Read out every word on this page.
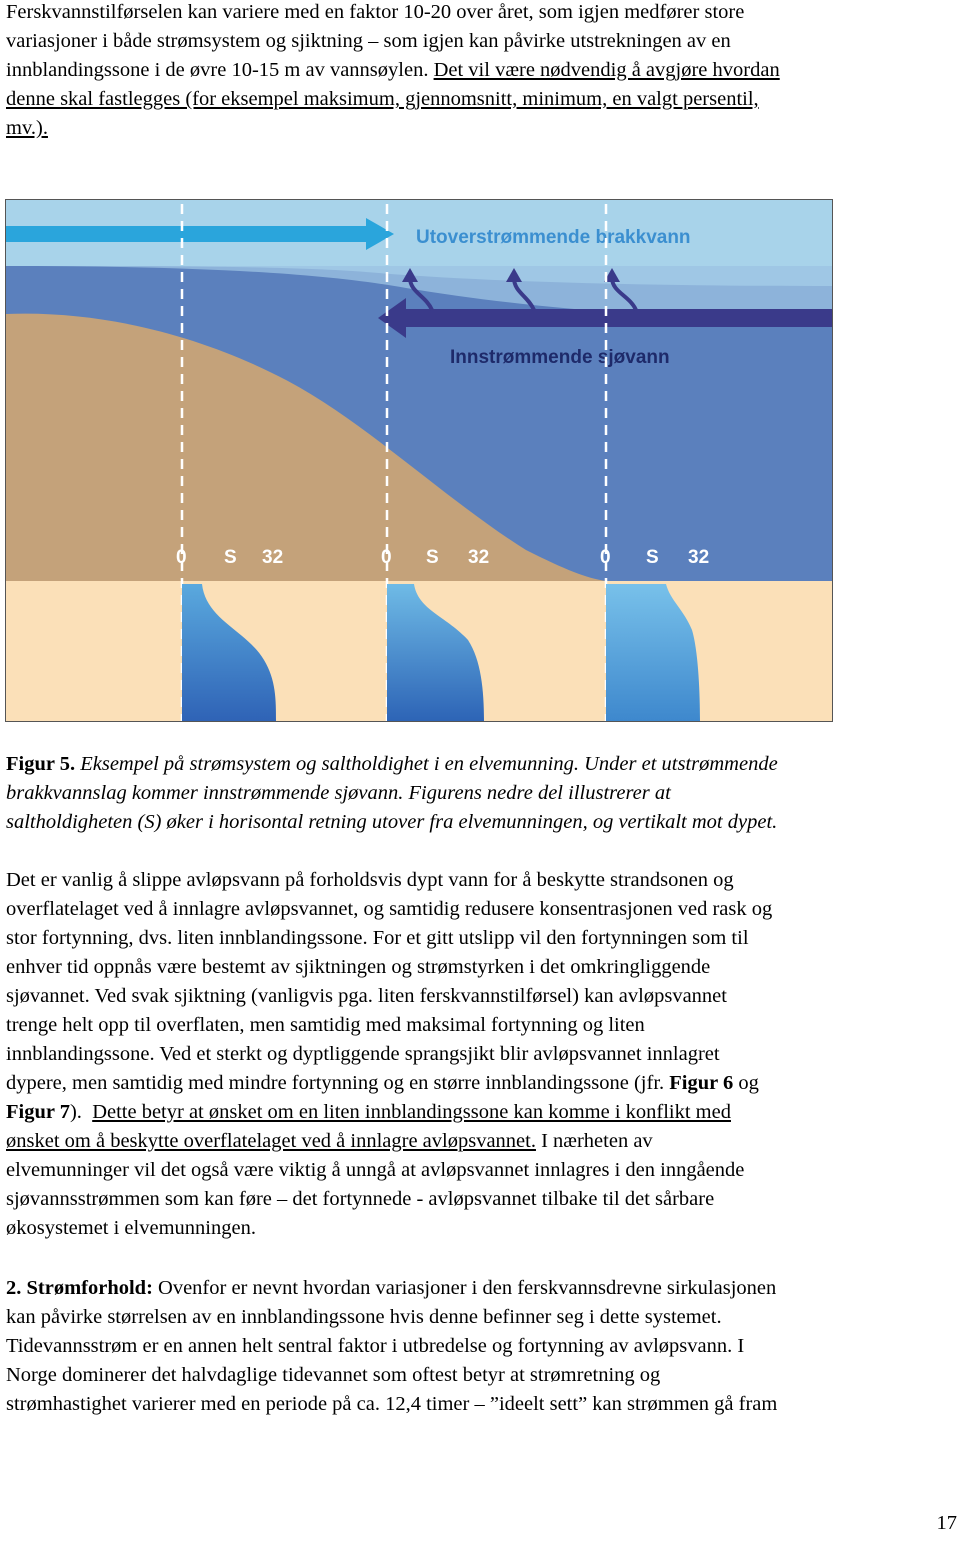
Ferskvannstilførselen kan variere med en faktor 10-20 over året, som igjen medfører store
variasjoner i både strømsystem og sjiktning – som igjen kan påvirke utstrekningen av en
innblandingssone i de øvre 10-15 m av vannsøylen. Det vil være nødvendig å avgjøre hvordan
denne skal fastlegges (for eksempel maksimum, gjennomsnitt, minimum, en valgt persentil,
mv.).
Utoverstrømmende brakkvann
Innstrømmende sjøvann
0 S 32	0 S 32	0 S 32
Figur 5. Eksempel på strømsystem og saltholdighet i en elvemunning. Under et utstrømmende
brakkvannslag kommer innstrømmende sjøvann. Figurens nedre del illustrerer at
saltholdigheten (S) øker i horisontal retning utover fra elvemunningen, og vertikalt mot dypet.
Det er vanlig å slippe avløpsvann på forholdsvis dypt vann for å beskytte strandsonen og
overflatelaget ved å innlagre avløpsvannet, og samtidig redusere konsentrasjonen ved rask og
stor fortynning, dvs. liten innblandingssone. For et gitt utslipp vil den fortynningen som til
enhver tid oppnås være bestemt av sjiktningen og strømstyrken i det omkringliggende
sjøvannet. Ved svak sjiktning (vanligvis pga. liten ferskvannstilførsel) kan avløpsvannet
trenge helt opp til overflaten, men samtidig med maksimal fortynning og liten
innblandingssone. Ved et sterkt og dyptliggende sprangsjikt blir avløpsvannet innlagret
dypere, men samtidig med mindre fortynning og en større innblandingssone (jfr. Figur 6 og
Figur 7). Dette betyr at ønsket om en liten innblandingssone kan komme i konflikt med
ønsket om å beskytte overflatelaget ved å innlagre avløpsvannet. I nærheten av
elvemunninger vil det også være viktig å unngå at avløpsvannet innlagres i den inngående
sjøvannsstrømmen som kan føre – det fortynnede - avløpsvannet tilbake til det sårbare
økosystemet i elvemunningen.
2. Strømforhold: Ovenfor er nevnt hvordan variasjoner i den ferskvannsdrevne sirkulasjonen
kan påvirke størrelsen av en innblandingssone hvis denne befinner seg i dette systemet.
Tidevannsstrøm er en annen helt sentral faktor i utbredelse og fortynning av avløpsvann. I
Norge dominerer det halvdaglige tidevannet som oftest betyr at strømretning og
strømhastighet varierer med en periode på ca. 12,4 timer – ”ideelt sett” kan strømmen gå fram
17
